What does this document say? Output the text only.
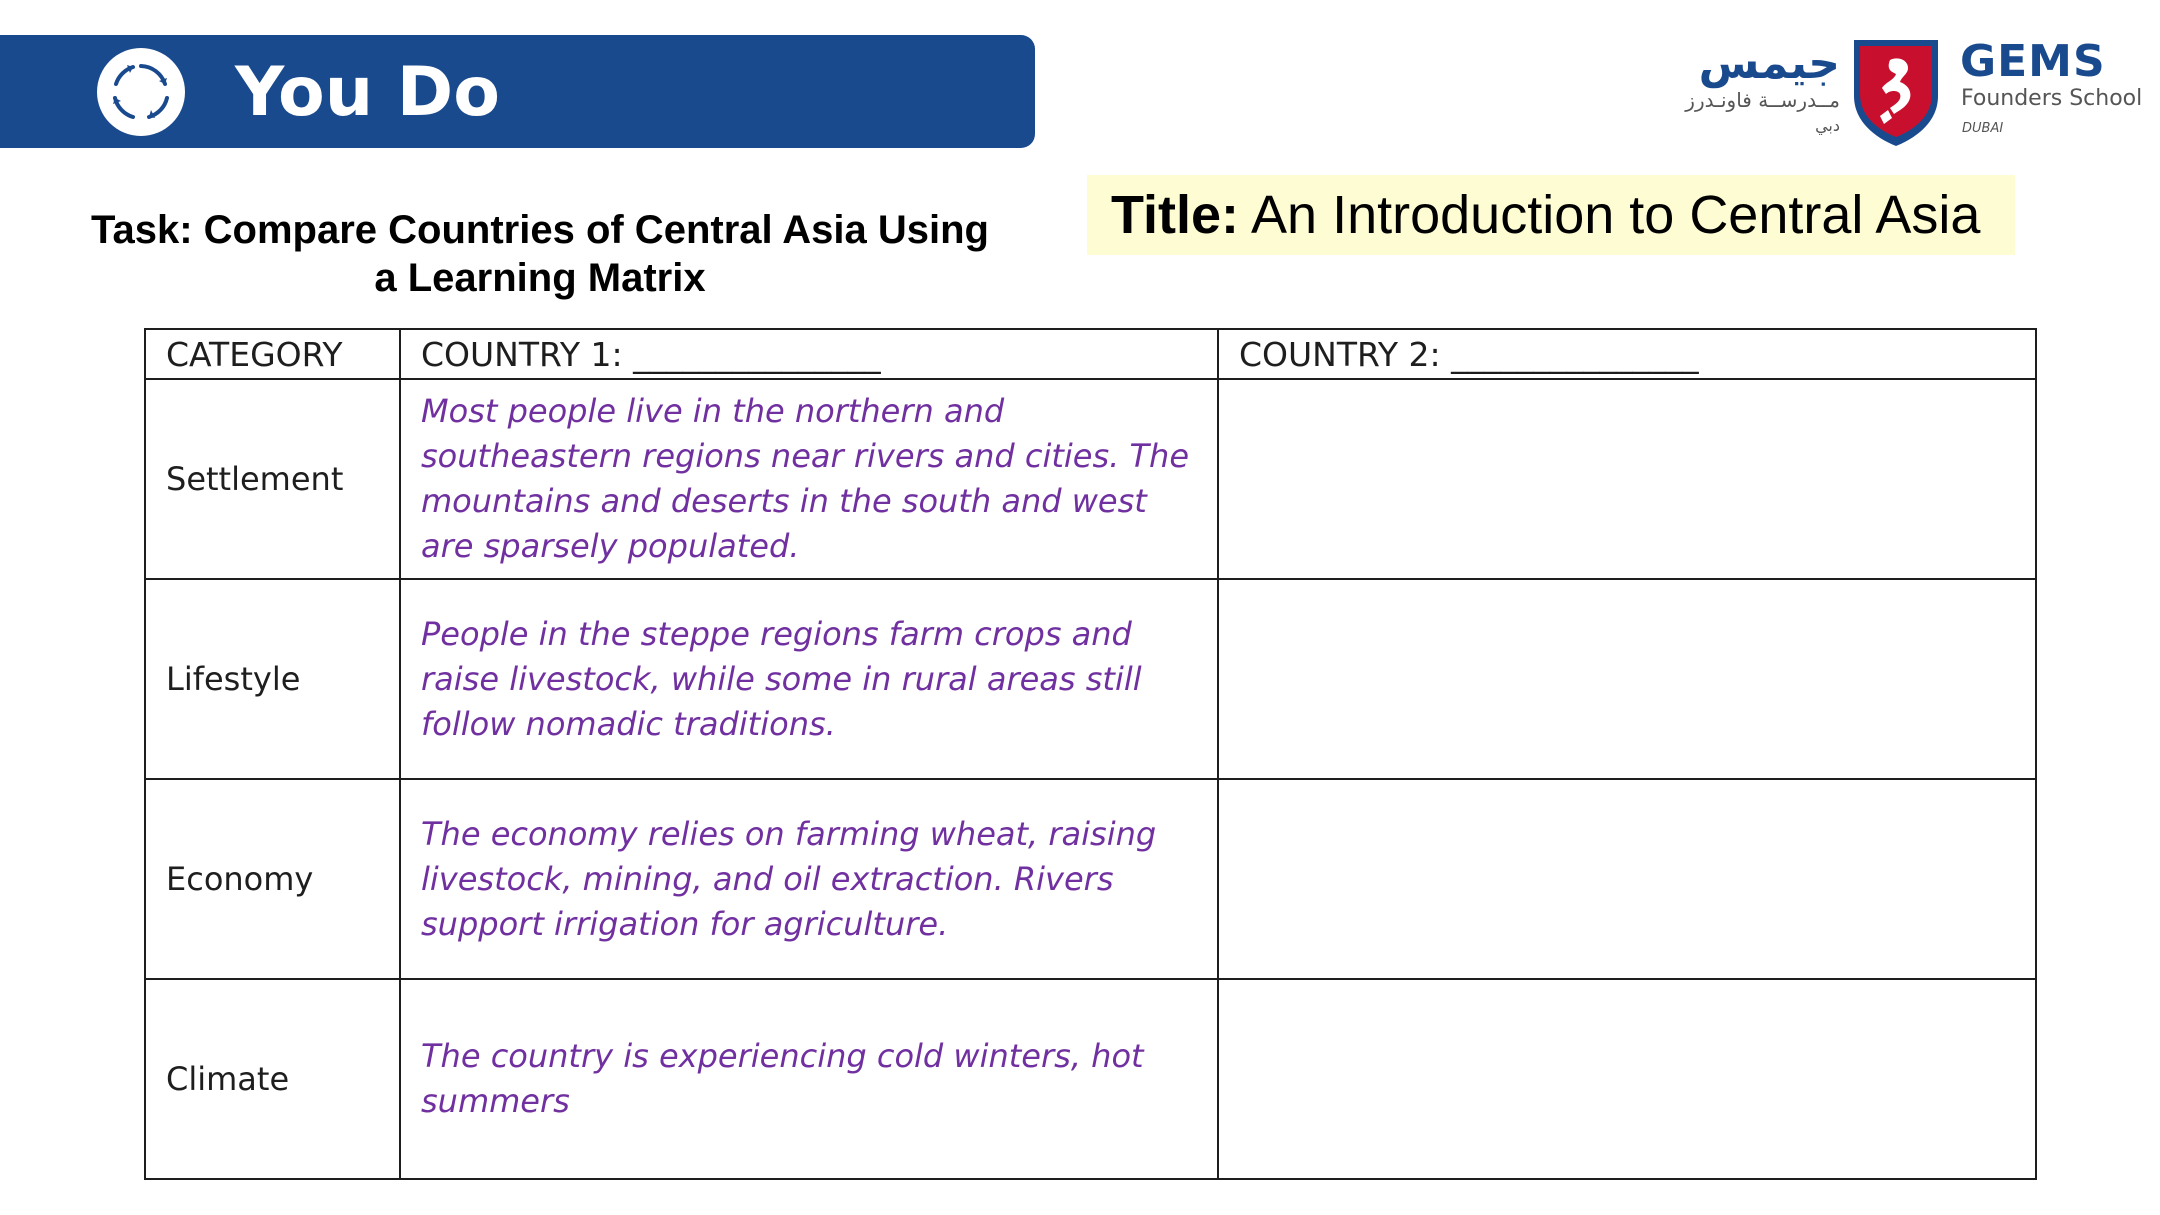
You Do	جيمس
مــدرســة فاونـدرز
دبي
GEMS
Founders School
DUBAI
Task: Compare Countries of Central Asia Using
a Learning Matrix
Title: An Introduction to Central Asia
CATEGORY	COUNTRY 1: _______________	COUNTRY 2: _______________
Settlement	Most people live in the northern and southeastern regions near rivers and cities. The mountains and deserts in the south and west are sparsely populated.	
Lifestyle	People in the steppe regions farm crops and raise livestock, while some in rural areas still follow nomadic traditions.	
Economy	The economy relies on farming wheat, raising livestock, mining, and oil extraction. Rivers support irrigation for agriculture.	
Climate	The country is experiencing cold winters, hot summers	
